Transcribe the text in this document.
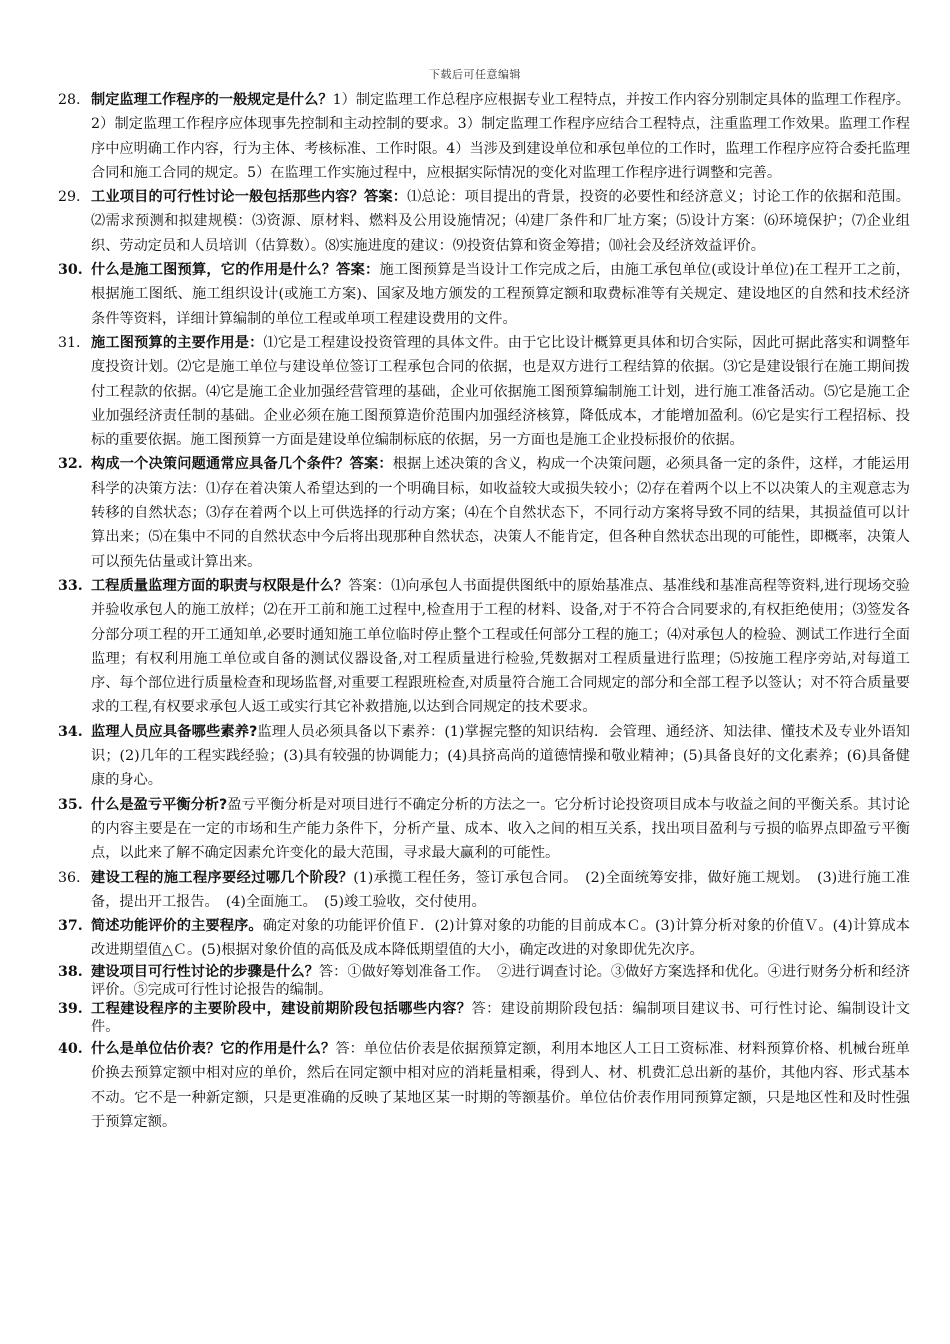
下载后可任意编辑

28. 制定监理工作程序的一般规定是什么？1）制定监理工作总程序应根据专业工程特点，并按工作内容分别制定具体的监理工作程序。2）制定监理工作程序应体现事先控制和主动控制的要求。3）制定监理工作程序应结合工程特点，注重监理工作效果。监理工作程序中应明确工作内容，行为主体、考核标准、工作时限。4）当涉及到建设单位和承包单位的工作时，监理工作程序应符合委托监理合同和施工合同的规定。5）在监理工作实施过程中，应根据实际情况的变化对监理工作程序进行调整和完善。

29. 工业项目的可行性讨论一般包括那些内容？答案：⑴总论：项目提出的背景，投资的必要性和经济意义；讨论工作的依据和范围。⑵需求预测和拟建规模：⑶资源、原材料、燃料及公用设施情况；⑷建厂条件和厂址方案；⑸设计方案：⑹环境保护；⑺企业组织、劳动定员和人员培训（估算数）。⑻实施进度的建议：⑼投资估算和资金筹措；⑽社会及经济效益评价。

30. 什么是施工图预算，它的作用是什么？答案：施工图预算是当设计工作完成之后，由施工承包单位(或设计单位)在工程开工之前，根据施工图纸、施工组织设计(或施工方案)、国家及地方颁发的工程预算定额和取费标准等有关规定、建设地区的自然和技术经济条件等资料，详细计算编制的单位工程或单项工程建设费用的文件。

31. 施工图预算的主要作用是：⑴它是工程建设投资管理的具体文件。由于它比设计概算更具体和切合实际，因此可据此落实和调整年度投资计划。⑵它是施工单位与建设单位签订工程承包合同的依据，也是双方进行工程结算的依据。⑶它是建设银行在施工期间拨付工程款的依据。⑷它是施工企业加强经营管理的基础，企业可依据施工图预算编制施工计划，进行施工准备活动。⑸它是施工企业加强经济责任制的基础。企业必须在施工图预算造价范围内加强经济核算，降低成本，才能增加盈利。⑹它是实行工程招标、投标的重要依据。施工图预算一方面是建设单位编制标底的依据，另一方面也是施工企业投标报价的依据。

32. 构成一个决策问题通常应具备几个条件？答案：根据上述决策的含义，构成一个决策问题，必须具备一定的条件，这样，才能运用科学的决策方法：⑴存在着决策人希望达到的一个明确目标，如收益较大或损失较小；⑵存在着两个以上不以决策人的主观意志为转移的自然状态；⑶存在着两个以上可供选择的行动方案；⑷在个自然状态下，不同行动方案将导致不同的结果，其损益值可以计算出来；⑸在集中不同的自然状态中今后将出现那种自然状态，决策人不能肯定，但各种自然状态出现的可能性，即概率，决策人可以预先估量或计算出来。

33. 工程质量监理方面的职责与权限是什么？答案：⑴向承包人书面提供图纸中的原始基准点、基准线和基准高程等资料,进行现场交验并验收承包人的施工放样；⑵在开工前和施工过程中,检查用于工程的材料、设备,对于不符合合同要求的,有权拒绝使用；⑶签发各分部分项工程的开工通知单,必要时通知施工单位临时停止整个工程或任何部分工程的施工；⑷对承包人的检验、测试工作进行全面监理；有权利用施工单位或自备的测试仪器设备,对工程质量进行检验,凭数据对工程质量进行监理；⑸按施工程序旁站,对每道工序、每个部位进行质量检查和现场监督,对重要工程跟班检查,对质量符合施工合同规定的部分和全部工程予以签认；对不符合质量要求的工程,有权要求承包人返工或实行其它补救措施,以达到合同规定的技术要求。

34. 监理人员应具备哪些素养?监理人员必须具备以下素养：(1)掌握完整的知识结构．会管理、通经济、知法律、懂技术及专业外语知识；(2)几年的工程实践经验；(3)具有较强的协调能力；(4)具挤高尚的道德情操和敬业精神；(5)具备良好的文化素养；(6)具备健康的身心。

35. 什么是盈亏平衡分析?盈亏平衡分析是对项目进行不确定分析的方法之一。它分析讨论投资项目成本与收益之间的平衡关系。其讨论的内容主要是在一定的市场和生产能力条件下，分析产量、成本、收入之间的相互关系，找出项目盈利与亏损的临界点即盈亏平衡点，以此来了解不确定因素允许变化的最大范围，寻求最大赢利的可能性。

36. 建设工程的施工程序要经过哪几个阶段？(1)承揽工程任务，签订承包合同。　(2)全面统筹安排，做好施工规划。　(3)进行施工准备，提出开工报告。　(4)全面施工。　(5)竣工验收，交付使用。

37. 简述功能评价的主要程序。确定对象的功能评价值Ｆ．(2)计算对象的功能的目前成本Ｃ。(3)计算分析对象的价值Ｖ。(4)计算成本改进期望值△Ｃ。(5)根据对象价值的高低及成本降低期望值的大小，确定改进的对象即优先次序。

38. 建设项目可行性讨论的步骤是什么？答：①做好筹划准备工作。　②进行调查讨论。③做好方案选择和优化。④进行财务分析和经济评价。⑤完成可行性讨论报告的编制。

39. 工程建设程序的主要阶段中，建设前期阶段包括哪些内容？答：建设前期阶段包括：编制项目建议书、可行性讨论、编制设计文件。

40. 什么是单位估价表？它的作用是什么？答：单位估价表是依据预算定额，利用本地区人工日工资标准、材料预算价格、机械台班单价换去预算定额中相对应的单价，然后在同定额中相对应的消耗量相乘，得到人、材、机费汇总出新的基价，其他内容、形式基本不动。它不是一种新定额，只是更准确的反映了某地区某一时期的等额基价。单位估价表作用同预算定额，只是地区性和及时性强于预算定额。
